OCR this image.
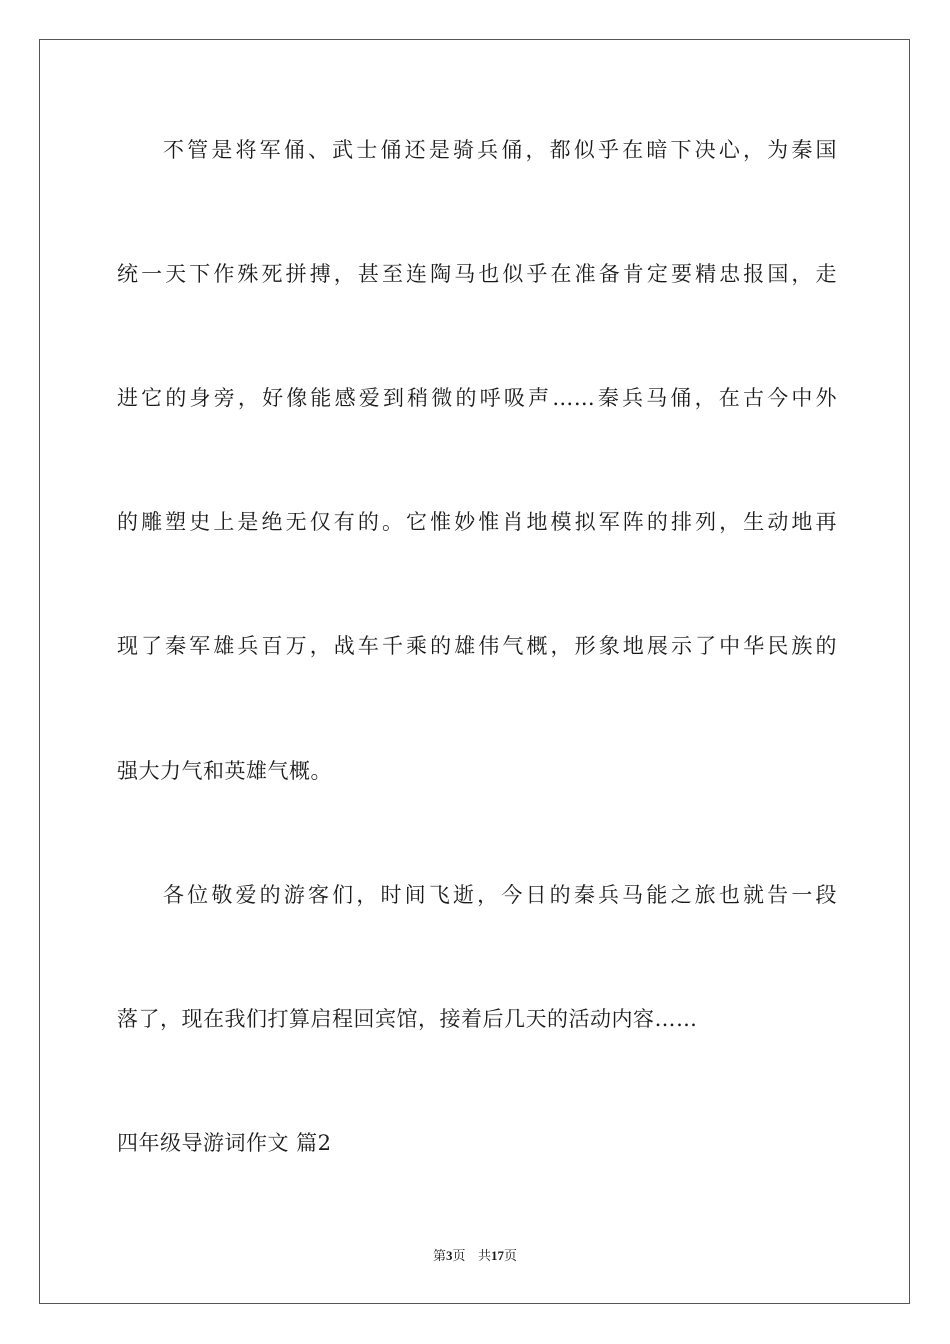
不管是将军俑、武士俑还是骑兵俑，都似乎在暗下决心，为秦国
统一天下作殊死拼搏，甚至连陶马也似乎在准备肯定要精忠报国，走
进它的身旁，好像能感爱到稍微的呼吸声……秦兵马俑，在古今中外
的雕塑史上是绝无仅有的。它惟妙惟肖地模拟军阵的排列，生动地再
现了秦军雄兵百万，战车千乘的雄伟气概，形象地展示了中华民族的
强大力气和英雄气概。
各位敬爱的游客们，时间飞逝，今日的秦兵马能之旅也就告一段
落了，现在我们打算启程回宾馆，接着后几天的活动内容……
四年级导游词作文 篇2
第3页 共17页
